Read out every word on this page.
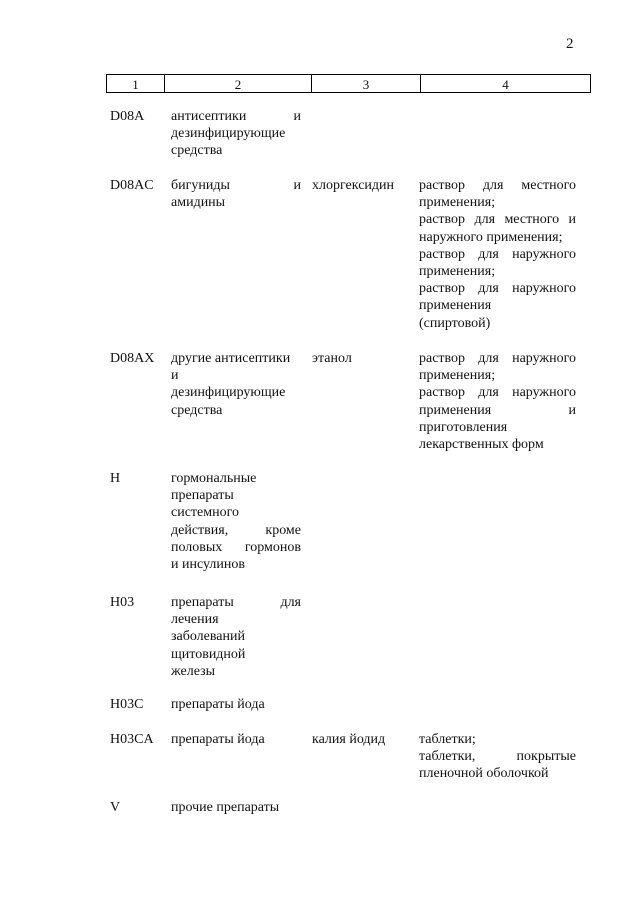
2
1	2	3	4
D08A антисептики и
дезинфицирующие
средства
D08AC бигуниды и
амидины
хлоргексидин	раствор для местного
применения;
раствор для местного и
наружного применения;
раствор для наружного
применения;
раствор для наружного
применения
(спиртовой)
D08AX другие антисептики
и
дезинфицирующие
средства
этанол	раствор для наружного
применения;
раствор для наружного
применения и
приготовления
лекарственных форм
H	гормональные
препараты
системного
действия, кроме
половых гормонов
и инсулинов
H03	препараты для
лечения
заболеваний
щитовидной
железы
H03C препараты йода
H03CA препараты йода	калия йодид	таблетки;
таблетки, покрытые
пленочной оболочкой
V	прочие препараты
